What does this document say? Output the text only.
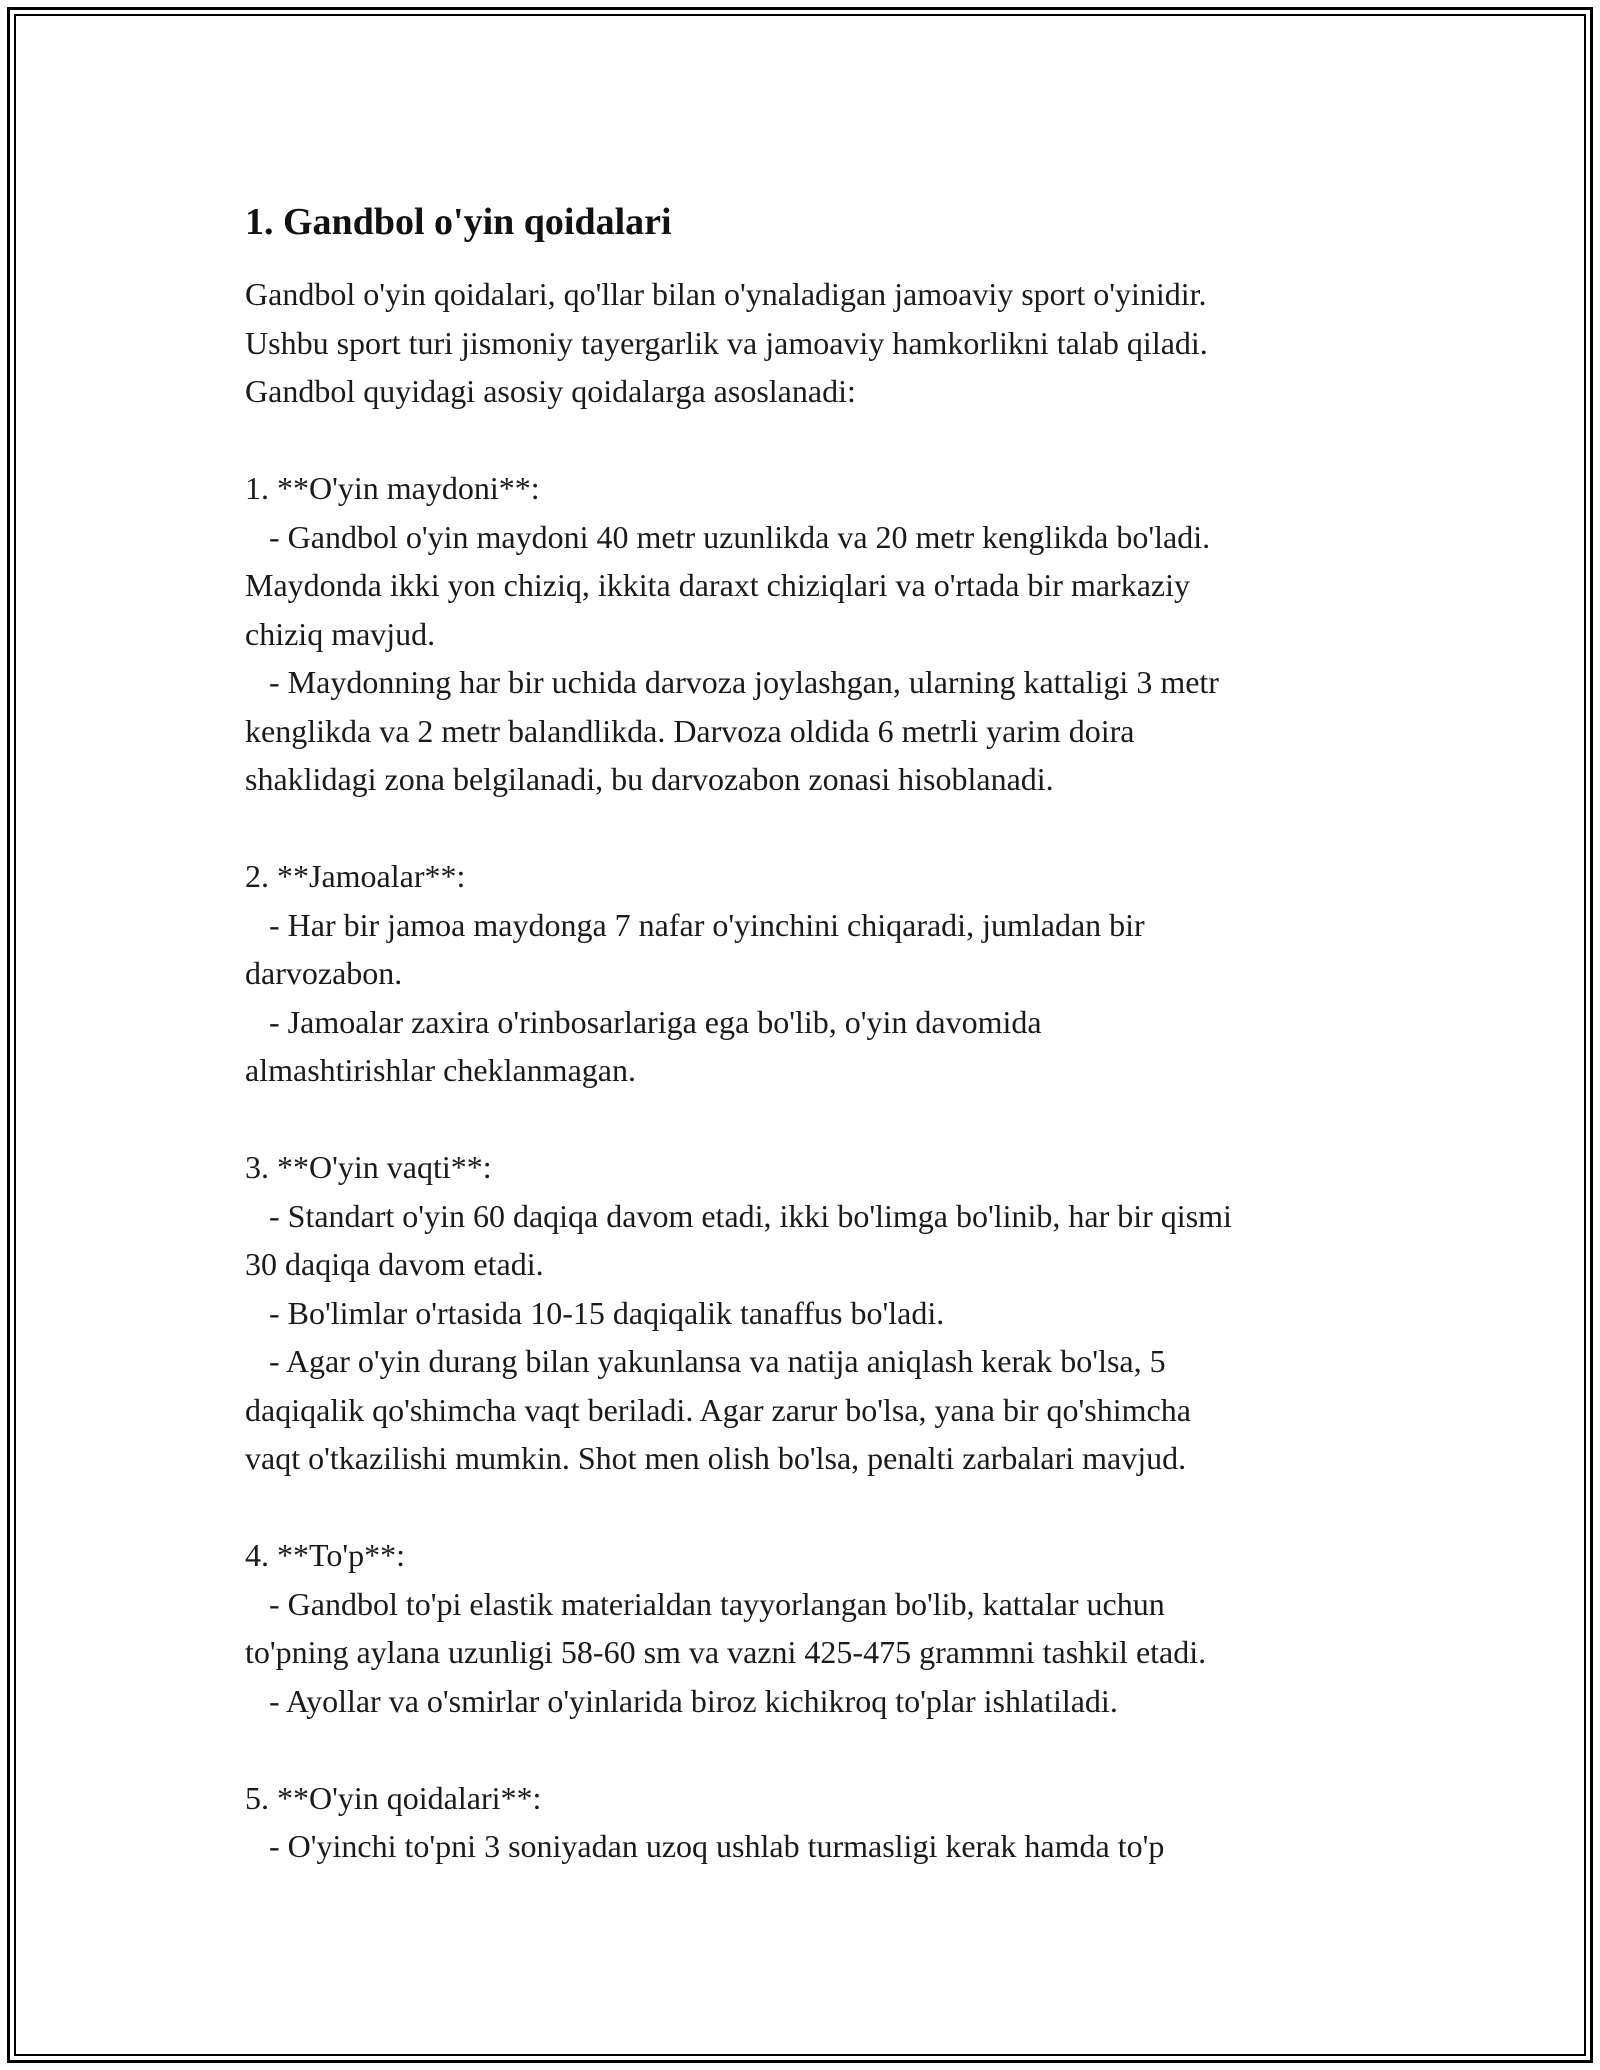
1. Gandbol o'yin qoidalari
Gandbol o'yin qoidalari, qo'llar bilan o'ynaladigan jamoaviy sport o'yinidir.
Ushbu sport turi jismoniy tayergarlik va jamoaviy hamkorlikni talab qiladi.
Gandbol quyidagi asosiy qoidalarga asoslanadi:
1. **O'yin maydoni**:
- Gandbol o'yin maydoni 40 metr uzunlikda va 20 metr kenglikda bo'ladi.
Maydonda ikki yon chiziq, ikkita daraxt chiziqlari va o'rtada bir markaziy
chiziq mavjud.
- Maydonning har bir uchida darvoza joylashgan, ularning kattaligi 3 metr
kenglikda va 2 metr balandlikda. Darvoza oldida 6 metrli yarim doira
shaklidagi zona belgilanadi, bu darvozabon zonasi hisoblanadi.
2. **Jamoalar**:
- Har bir jamoa maydonga 7 nafar o'yinchini chiqaradi, jumladan bir
darvozabon.
- Jamoalar zaxira o'rinbosarlariga ega bo'lib, o'yin davomida
almashtirishlar cheklanmagan.
3. **O'yin vaqti**:
- Standart o'yin 60 daqiqa davom etadi, ikki bo'limga bo'linib, har bir qismi
30 daqiqa davom etadi.
- Bo'limlar o'rtasida 10-15 daqiqalik tanaffus bo'ladi.
- Agar o'yin durang bilan yakunlansa va natija aniqlash kerak bo'lsa, 5
daqiqalik qo'shimcha vaqt beriladi. Agar zarur bo'lsa, yana bir qo'shimcha
vaqt o'tkazilishi mumkin. Shot men olish bo'lsa, penalti zarbalari mavjud.
4. **To'p**:
- Gandbol to'pi elastik materialdan tayyorlangan bo'lib, kattalar uchun
to'pning aylana uzunligi 58-60 sm va vazni 425-475 grammni tashkil etadi.
- Ayollar va o'smirlar o'yinlarida biroz kichikroq to'plar ishlatiladi.
5. **O'yin qoidalari**:
- O'yinchi to'pni 3 soniyadan uzoq ushlab turmasligi kerak hamda to'p
